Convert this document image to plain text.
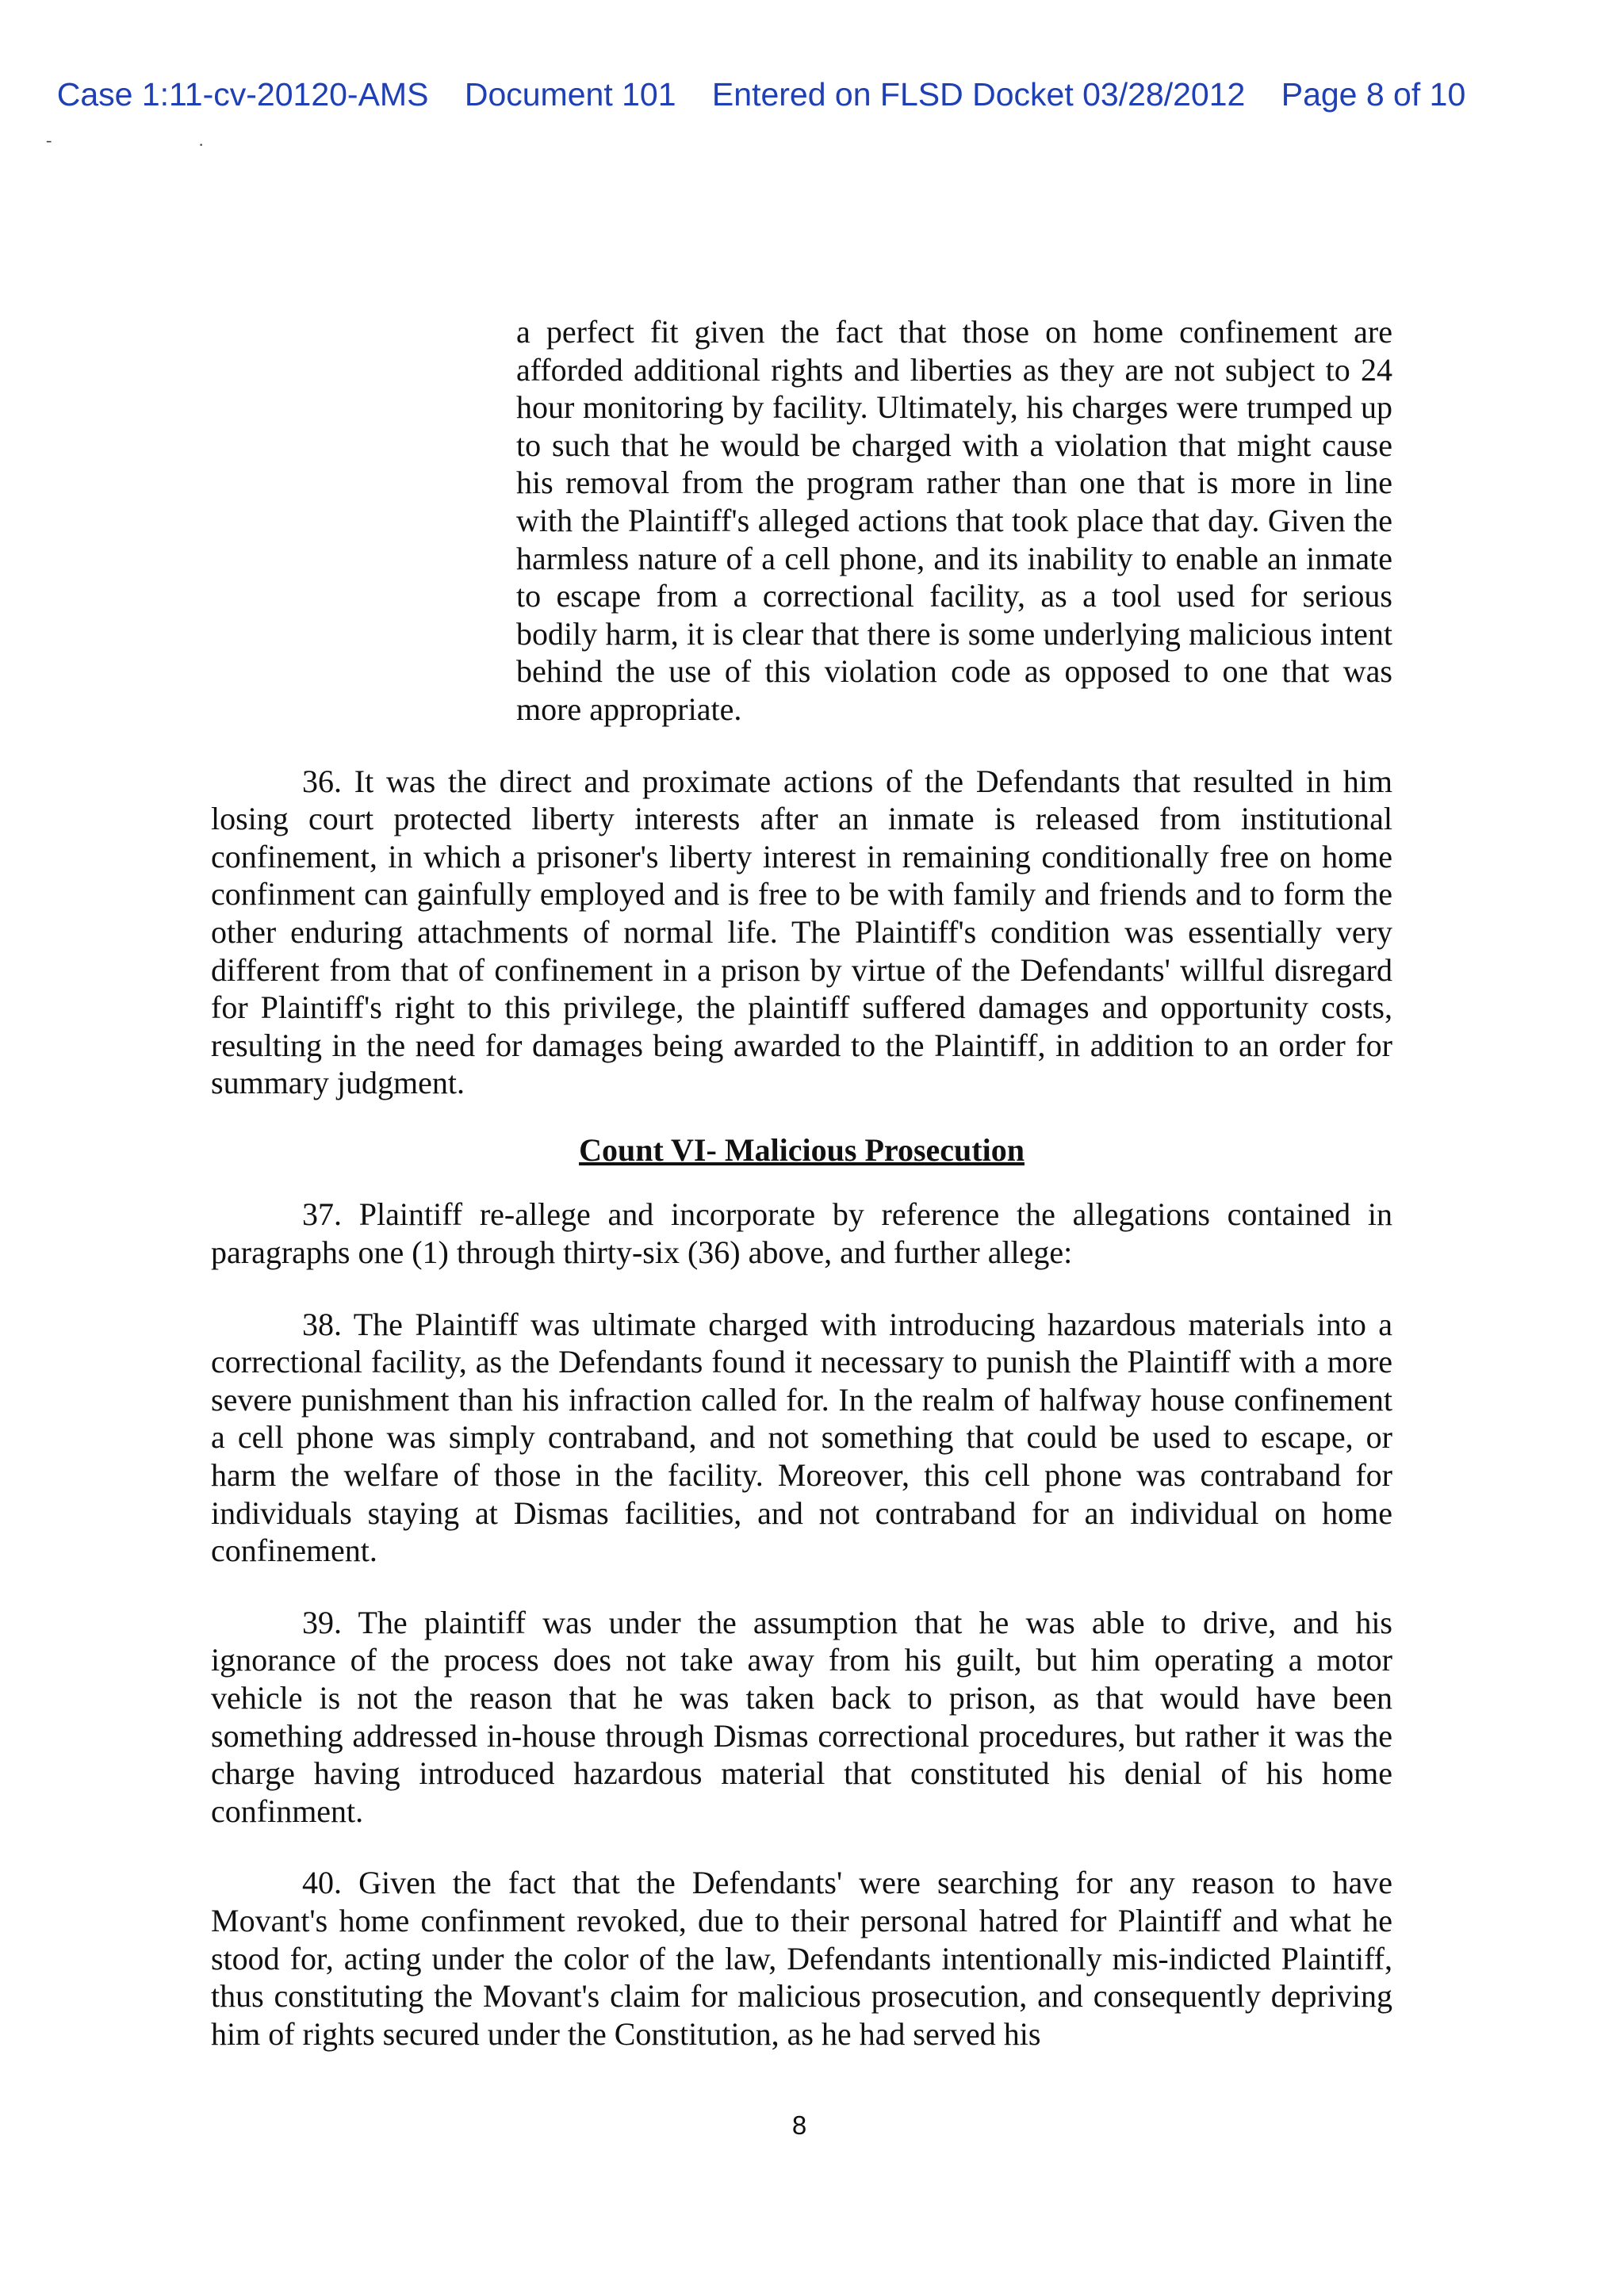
Case 1:11-cv-20120-AMS Document 101 Entered on FLSD Docket 03/28/2012 Page 8 of 10
- .

a perfect fit given the fact that those on home confinement are afforded additional rights and liberties as they are not subject to 24 hour monitoring by facility. Ultimately, his charges were trumped up to such that he would be charged with a violation that might cause his removal from the program rather than one that is more in line with the Plaintiff's alleged actions that took place that day. Given the harmless nature of a cell phone, and its inability to enable an inmate to escape from a correctional facility, as a tool used for serious bodily harm, it is clear that there is some underlying malicious intent behind the use of this violation code as opposed to one that was more appropriate.

36. It was the direct and proximate actions of the Defendants that resulted in him losing court protected liberty interests after an inmate is released from institutional confinement, in which a prisoner's liberty interest in remaining conditionally free on home confinment can gainfully employed and is free to be with family and friends and to form the other enduring attachments of normal life. The Plaintiff's condition was essentially very different from that of confinement in a prison by virtue of the Defendants' willful disregard for Plaintiff's right to this privilege, the plaintiff suffered damages and opportunity costs, resulting in the need for damages being awarded to the Plaintiff, in addition to an order for summary judgment.

Count VI- Malicious Prosecution

37. Plaintiff re-allege and incorporate by reference the allegations contained in paragraphs one (1) through thirty-six (36) above, and further allege:

38. The Plaintiff was ultimate charged with introducing hazardous materials into a correctional facility, as the Defendants found it necessary to punish the Plaintiff with a more severe punishment than his infraction called for. In the realm of halfway house confinement a cell phone was simply contraband, and not something that could be used to escape, or harm the welfare of those in the facility. Moreover, this cell phone was contraband for individuals staying at Dismas facilities, and not contraband for an individual on home confinement.

39. The plaintiff was under the assumption that he was able to drive, and his ignorance of the process does not take away from his guilt, but him operating a motor vehicle is not the reason that he was taken back to prison, as that would have been something addressed in-house through Dismas correctional procedures, but rather it was the charge having introduced hazardous material that constituted his denial of his home confinment.

40. Given the fact that the Defendants' were searching for any reason to have Movant's home confinment revoked, due to their personal hatred for Plaintiff and what he stood for, acting under the color of the law, Defendants intentionally mis-indicted Plaintiff, thus constituting the Movant's claim for malicious prosecution, and consequently depriving him of rights secured under the Constitution, as he had served his

8
